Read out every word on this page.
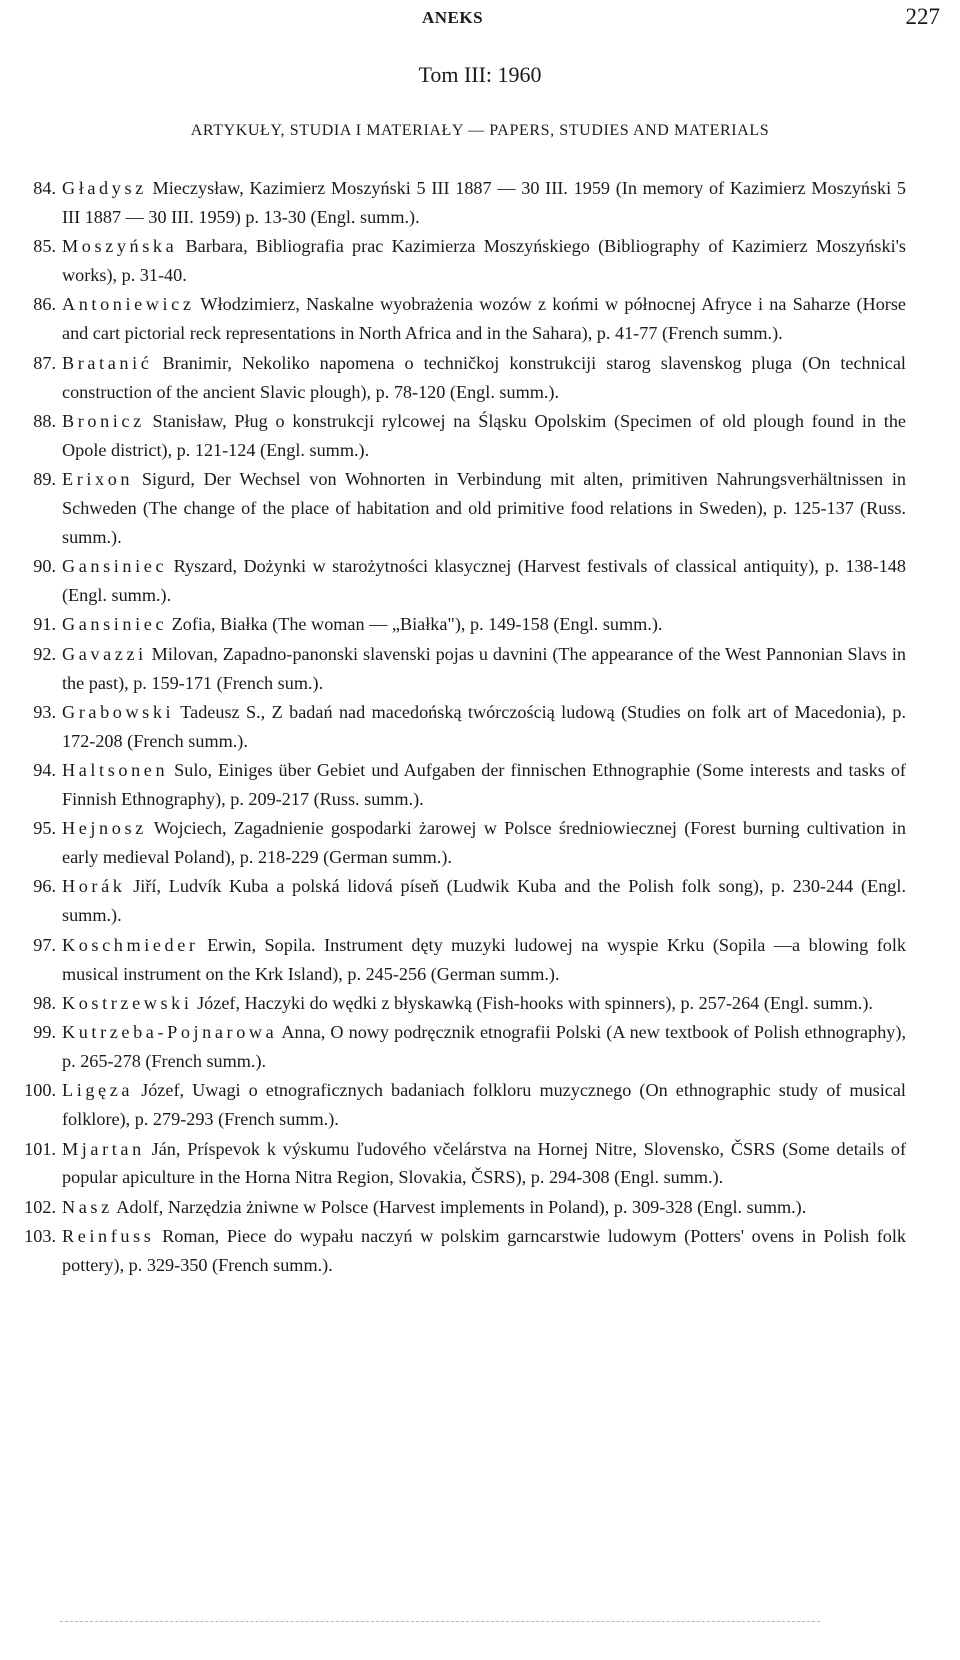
ANEKS	227
Tom III: 1960
ARTYKUŁY, STUDIA I MATERIAŁY — PAPERS, STUDIES AND MATERIALS
84. Gładysz Mieczysław, Kazimierz Moszyński 5 III 1887 — 30 III. 1959 (In memory of Kazimierz Moszyński 5 III 1887 — 30 III. 1959) p. 13-30 (Engl. summ.).
85. Moszyńska Barbara, Bibliografia prac Kazimierza Moszyńskiego (Bibliography of Kazimierz Moszyński's works), p. 31-40.
86. Antoniewicz Włodzimierz, Naskalne wyobrażenia wozów z końmi w północnej Afryce i na Saharze (Horse and cart pictorial reck representations in North Africa and in the Sahara), p. 41-77 (French summ.).
87. Bratanić Branimir, Nekoliko napomena o techničkoj konstrukciji starog slavenskog pluga (On technical construction of the ancient Slavic plough), p. 78-120 (Engl. summ.).
88. Bronicz Stanisław, Pług o konstrukcji rylcowej na Śląsku Opolskim (Specimen of old plough found in the Opole district), p. 121-124 (Engl. summ.).
89. Erixon Sigurd, Der Wechsel von Wohnorten in Verbindung mit alten, primitiven Nahrungsverhältnissen in Schweden (The change of the place of habitation and old primitive food relations in Sweden), p. 125-137 (Russ. summ.).
90. Gansiniec Ryszard, Dożynki w starożytności klasycznej (Harvest festivals of classical antiquity), p. 138-148 (Engl. summ.).
91. Gansiniec Zofia, Białka (The woman — „Białka"), p. 149-158 (Engl. summ.).
92. Gavazzi Milovan, Zapadno-panonski slavenski pojas u davnini (The appearance of the West Pannonian Slavs in the past), p. 159-171 (French sum.).
93. Grabowski Tadeusz S., Z badań nad macedońską twórczością ludową (Studies on folk art of Macedonia), p. 172-208 (French summ.).
94. Haltsonen Sulo, Einiges über Gebiet und Aufgaben der finnischen Ethnographie (Some interests and tasks of Finnish Ethnography), p. 209-217 (Russ. summ.).
95. Hejnosz Wojciech, Zagadnienie gospodarki żarowej w Polsce średniowiecznej (Forest burning cultivation in early medieval Poland), p. 218-229 (German summ.).
96. Horák Jiří, Ludvík Kuba a polská lidová píseň (Ludwik Kuba and the Polish folk song), p. 230-244 (Engl. summ.).
97. Koschmieder Erwin, Sopila. Instrument dęty muzyki ludowej na wyspie Krku (Sopila —a blowing folk musical instrument on the Krk Island), p. 245-256 (German summ.).
98. Kostrzewski Józef, Haczyki do wędki z błyskawką (Fish-hooks with spinners), p. 257-264 (Engl. summ.).
99. Kutrzeba-Pojnarowa Anna, O nowy podręcznik etnografii Polski (A new textbook of Polish ethnography), p. 265-278 (French summ.).
100. Ligęza Józef, Uwagi o etnograficznych badaniach folkloru muzycznego (On ethnographic study of musical folklore), p. 279-293 (French summ.).
101. Mjartan Ján, Príspevok k výskumu ľudového včelárstva na Hornej Nitre, Slovensko, ČSRS (Some details of popular apiculture in the Horna Nitra Region, Slovakia, ČSRS), p. 294-308 (Engl. summ.).
102. Nasz Adolf, Narzędzia żniwne w Polsce (Harvest implements in Poland), p. 309-328 (Engl. summ.).
103. Reinfuss Roman, Piece do wypału naczyń w polskim garncarstwie ludowym (Potters' ovens in Polish folk pottery), p. 329-350 (French summ.).
